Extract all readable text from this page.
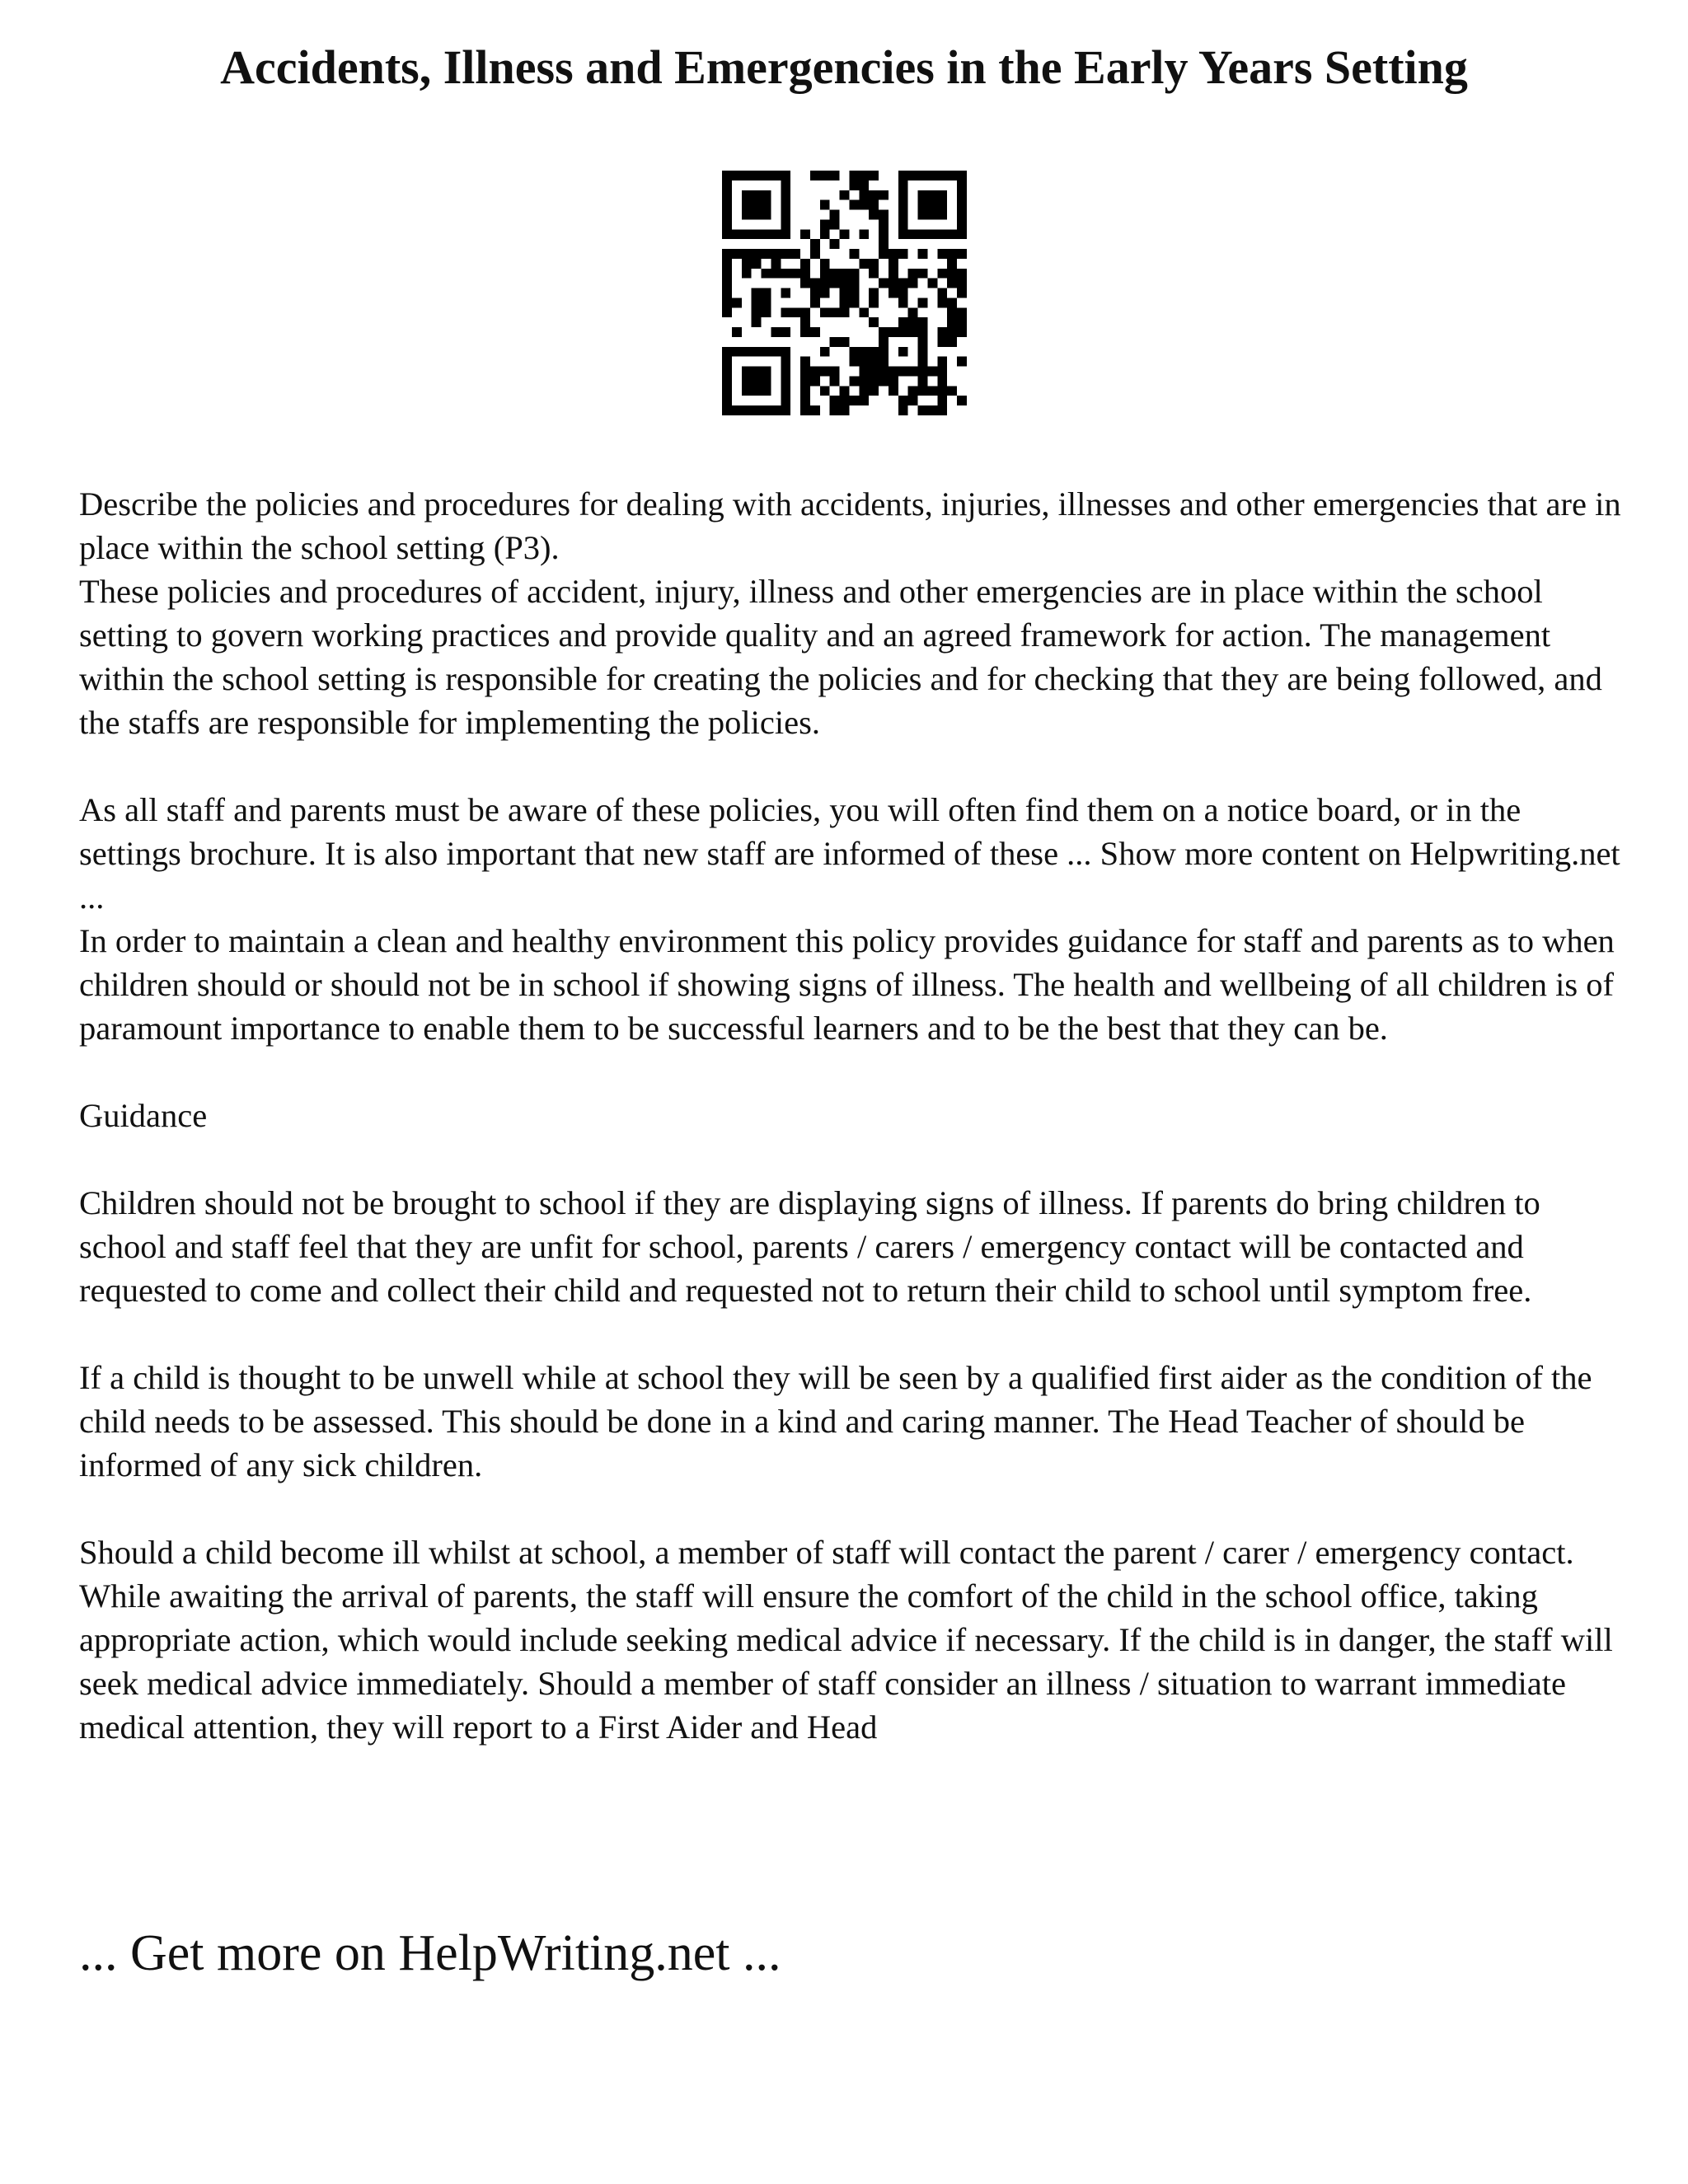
Accidents, Illness and Emergencies in the Early Years Setting

Describe the policies and procedures for dealing with accidents, injuries, illnesses and other emergencies that are in place within the school setting (P3).

These policies and procedures of accident, injury, illness and other emergencies are in place within the school setting to govern working practices and provide quality and an agreed framework for action. The management within the school setting is responsible for creating the policies and for checking that they are being followed, and the staffs are responsible for implementing the policies.

As all staff and parents must be aware of these policies, you will often find them on a notice board, or in the settings brochure. It is also important that new staff are informed of these ... Show more content on Helpwriting.net ...

In order to maintain a clean and healthy environment this policy provides guidance for staff and parents as to when children should or should not be in school if showing signs of illness. The health and wellbeing of all children is of paramount importance to enable them to be successful learners and to be the best that they can be.

Guidance

Children should not be brought to school if they are displaying signs of illness. If parents do bring children to school and staff feel that they are unfit for school, parents / carers / emergency contact will be contacted and requested to come and collect their child and requested not to return their child to school until symptom free.

If a child is thought to be unwell while at school they will be seen by a qualified first aider as the condition of the child needs to be assessed. This should be done in a kind and caring manner. The Head Teacher of should be informed of any sick children.

Should a child become ill whilst at school, a member of staff will contact the parent / carer / emergency contact. While awaiting the arrival of parents, the staff will ensure the comfort of the child in the school office, taking appropriate action, which would include seeking medical advice if necessary. If the child is in danger, the staff will seek medical advice immediately. Should a member of staff consider an illness / situation to warrant immediate medical attention, they will report to a First Aider and Head

... Get more on HelpWriting.net ...
